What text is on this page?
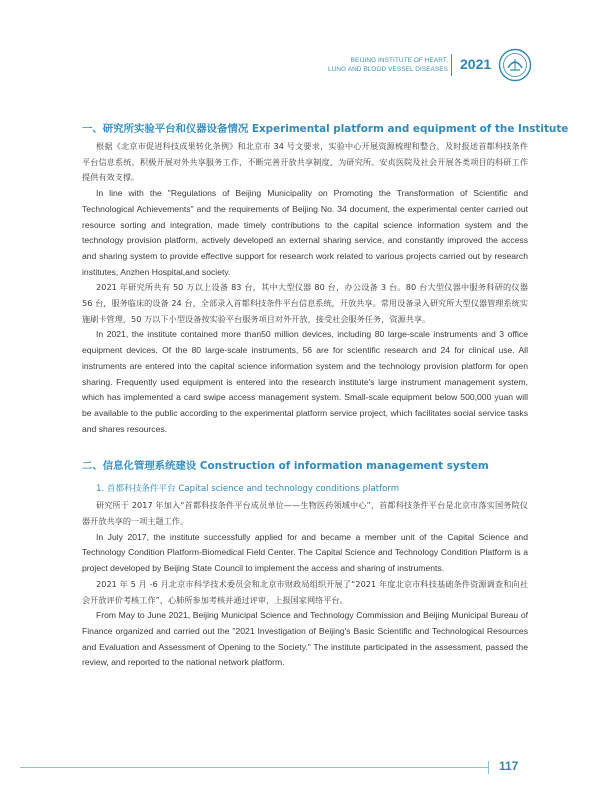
BEIJING INSTITUTE OF HEART,
LUNG AND BLOOD VESSEL DISEASES 2021
一、研究所实验平台和仪器设备情况 Experimental platform and equipment of the Institute

根据《北京市促进科技成果转化条例》和北京市 34 号文要求，实验中心开展资源梳理和整合，及时报送首都科技条件平台信息系统，积极开展对外共享服务工作，不断完善开放共享制度，为研究所、安贞医院及社会开展各类项目的科研工作提供有效支撑。

In line with the "Regulations of Beijing Municipality on Promoting the Transformation of Scientific and Technological Achievements" and the requirements of Beijing No. 34 document, the experimental center carried out resource sorting and integration, made timely contributions to the capital science information system and the technology provision platform, actively developed an external sharing service, and constantly improved the access and sharing system to provide effective support for research work related to various projects carried out by research institutes, Anzhen Hospital,and society.

2021 年研究所共有 50 万以上设备 83 台，其中大型仪器 80 台，办公设备 3 台。80 台大型仪器中服务科研的仪器 56 台，服务临床的设备 24 台，全部录入首都科技条件平台信息系统，开放共享。常用设备录入研究所大型仪器管理系统实施刷卡管理，50 万以下小型设备按实验平台服务项目对外开放，接受社会服务任务，资源共享。

In 2021, the institute contained more than50 million devices, including 80 large-scale instruments and 3 office equipment devices. Of the 80 large-scale instruments, 56 are for scientific research and 24 for clinical use. All instruments are entered into the capital science information system and the technology provision platform for open sharing. Frequently used equipment is entered into the research institute's large instrument management system, which has implemented a card swipe access management system. Small-scale equipment below 500,000 yuan will be available to the public according to the experimental platform service project, which facilitates social service tasks and shares resources.

二、信息化管理系统建设 Construction of information management system
1. 首都科技条件平台 Capital science and technology conditions platform

研究所于 2017 年加入“首都科技条件平台成员单位——生物医药领域中心”，首都科技条件平台是北京市落实国务院仪器开放共享的一项主题工作。

In July 2017, the institute successfully applied for and became a member unit of the Capital Science and Technology Condition Platform-Biomedical Field Center. The Capital Science and Technology Condition Platform is a project developed by Beijing State Council to implement the access and sharing of instruments.

2021 年 5 月 -6 月北京市科学技术委员会和北京市财政局组织开展了“2021 年度北京市科技基础条件资源调查和向社会开放评价考核工作”，心肺所参加考核并通过评审，上报国家网络平台。

From May to June 2021, Beijing Municipal Science and Technology Commission and Beijing Municipal Bureau of Finance organized and carried out the "2021 Investigation of Beijing's Basic Scientific and Technological Resources and Evaluation and Assessment of Opening to the Society." The institute participated in the assessment, passed the review, and reported to the national network platform.

117
